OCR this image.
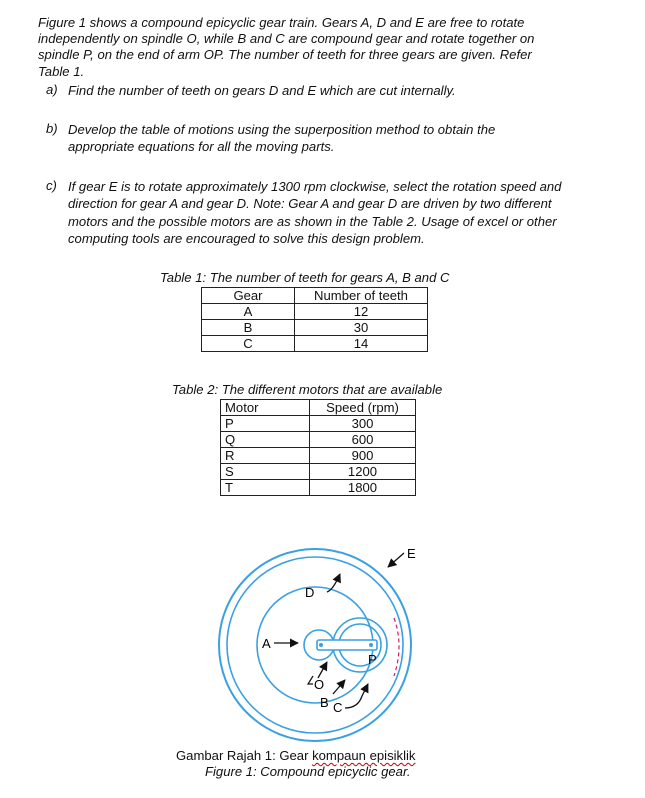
Figure 1 shows a compound epicyclic gear train. Gears A, D and E are free to rotate
independently on spindle O, while B and C are compound gear and rotate together on
spindle P, on the end of arm OP. The number of teeth for three gears are given. Refer
Table 1.
a) Find the number of teeth on gears D and E which are cut internally.
b) Develop the table of motions using the superposition method to obtain the
appropriate equations for all the moving parts.
c) If gear E is to rotate approximately 1300 rpm clockwise, select the rotation speed and
direction for gear A and gear D. Note: Gear A and gear D are driven by two different
motors and the possible motors are as shown in the Table 2. Usage of excel or other
computing tools are encouraged to solve this design problem.
Table 1: The number of teeth for gears A, B and C
Gear	Number of teeth
A	12
B	30
C	14
Table 2: The different motors that are available
Motor	Speed (rpm)
P	300
Q	600
R	900
S	1200
T	1800
D
E
A
O
B C
P
Gambar Rajah 1: Gear kompaun episiklik
Figure 1: Compound epicyclic gear.
